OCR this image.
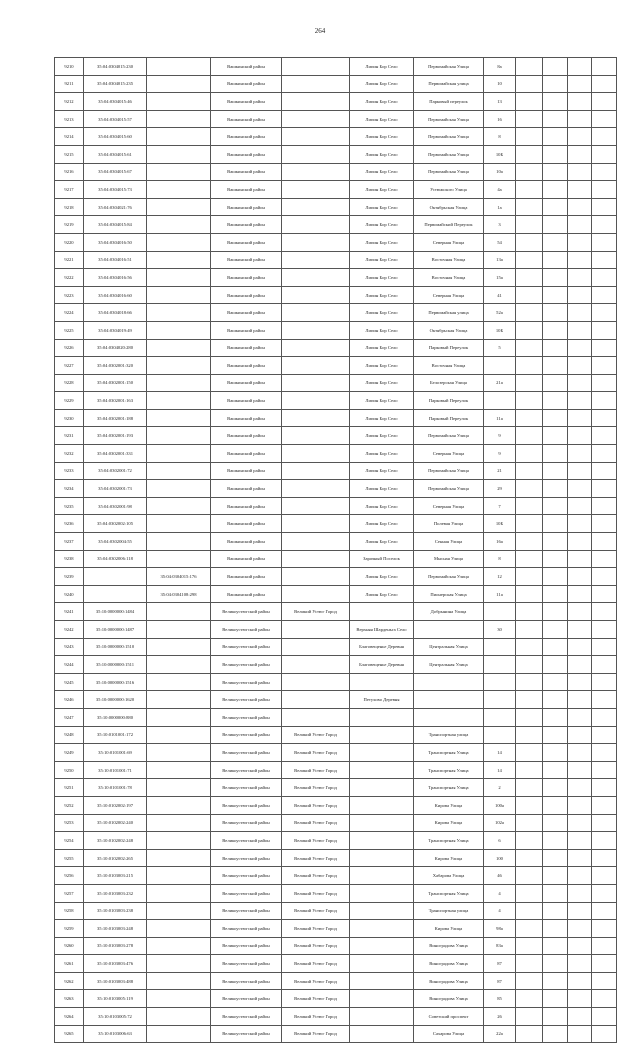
264
9210	35:04:0304015:230		Вашкинский район		Липин Бор Село	Первомайская Улица	8а				
9211	35:04:0304015:235		Вашкинский район		Липин Бор Село	Первомайская улица	10				
9212	35:04:0304015:46		Вашкинский район		Липин Бор Село	Парковый переулок	13				
9213	35:04:0304015:57		Вашкинский район		Липин Бор Село	Первомайская Улица	16				
9214	35:04:0304015:60		Вашкинский район		Липин Бор Село	Первомайская Улица	8				
9215	35:04:0304015:61		Вашкинский район		Липин Бор Село	Первомайская Улица	10Б				
9216	35:04:0304015:67		Вашкинский район		Липин Бор Село	Первомайская Улица	10а				
9217	35:04:0304015:73		Вашкинский район		Липин Бор Село	Устюжского Улица	4а				
9218	35:04:0304021:76		Вашкинский район		Липин Бор Село	Октябрьская Улица	1а				
9219	35:04:0304015:84		Вашкинский район		Липин Бор Село	Первомайский Переулок	3				
9220	35:04:0304016:50		Вашкинский район		Липин Бор Село	Северная Улица	54				
9221	35:04:0304016:51		Вашкинский район		Липин Бор Село	Восточная Улица	13а				
9222	35:04:0304016:56		Вашкинский район		Липин Бор Село	Восточная Улица	15а				
9223	35:04:0304016:60		Вашкинский район		Липин Бор Село	Северная Улица	41				
9224	35:04:0304018:66		Вашкинский район		Липин Бор Село	Первомайская улица	52а				
9225	35:04:0304019:49		Вашкинский район		Липин Бор Село	Октябрьская Улица	10Б				
9226	35:04:0304020:280		Вашкинский район		Липин Бор Село	Парковый Переулок	5				
9227	35:04:0302001:320		Вашкинский район		Липин Бор Село	Восточная Улица					
9228	35:04:0302001:150		Вашкинский район		Липин Бор Село	Белозерская Улица	21а				
9229	35:04:0302001:163		Вашкинский район		Липин Бор Село	Парковый Переулок					
9230	35:04:0302001:188		Вашкинский район		Липин Бор Село	Парковый Переулок	11а				
9231	35:04:0302001:193		Вашкинский район		Липин Бор Село	Первомайская Улица	9				
9232	35:04:0302001:331		Вашкинский район		Липин Бор Село	Северная Улица	9				
9233	35:04:0302001:72		Вашкинский район		Липин Бор Село	Первомайская Улица	21				
9234	35:04:0302001:73		Вашкинский район		Липин Бор Село	Первомайская Улица	29				
9235	35:04:0302001:98		Вашкинский район		Липин Бор Село	Северная Улица	7				
9236	35:04:0302002:105		Вашкинский район		Липин Бор Село	Полевая Улица	10Б				
9237	35:04:0302004:55		Вашкинский район		Липин Бор Село	Сенная Улица	16а				
9238	35:04:0302006:118		Вашкинский район		Зарачный Поселок	Мысная Улица	8				
9239		35:04:0304015:176	Вашкинский район		Липин Бор Село	Первомайская Улица	12				
9240		35:04:0304108:298	Вашкинский район		Липин Бор Село	Пионерская Улица	11а				
9241	35:10:0000000:1484		Великоустюгский район	Великий Устюг Город		Добрынина Улица					
9242	35:10:0000000:1487		Великоустюгский район		Верхняя Шарденьга Село		30				
9243	35:10:0000000:1510		Великоустюгский район		Благовещенье Деревня	Центральная Улица					
9244	35:10:0000000:1511		Великоустюгский район		Благовещенье Деревня	Центральная Улица					
9245	35:10:0000000:1516		Великоустюгский район								
9246	35:10:0000000:1620		Великоустюгский район		Петухово Деревня						
9247	35:10:0000000:880		Великоустюгский район								
9248	35:10:0101001:172		Великоустюгский район	Великий Устюг Город		Транспортная улица					
9249	35:10:0101001:69		Великоустюгский район	Великий Устюг Город		Транспортная Улица	14				
9250	35:10:0101001:71		Великоустюгский район	Великий Устюг Город		Транспортная Улица	14				
9251	35:10:0101001:78		Великоустюгский район	Великий Устюг Город		Транспортная Улица	2				
9252	35:10:0102002:197		Великоустюгский район	Великий Устюг Город		Кирова Улица	100а				
9253	35:10:0102002:240		Великоустюгский район	Великий Устюг Город		Кирова Улица	102а				
9254	35:10:0102002:248		Великоустюгский район	Великий Устюг Город		Транспортная Улица	6				
9255	35:10:0102002:265		Великоустюгский район	Великий Устюг Город		Кирова Улица	100				
9256	35:10:0103003:215		Великоустюгский район	Великий Устюг Город		Хабарова Улица	46				
9257	35:10:0103003:232		Великоустюгский район	Великий Устюг Город		Транспортная Улица	4				
9258	35:10:0103003:238		Великоустюгский район	Великий Устюг Город		Транспортная улица	4				
9259	35:10:0103003:248		Великоустюгский район	Великий Устюг Город		Кирова Улица	98а				
9260	35:10:0103003:278		Великоустюгский район	Великий Устюг Город		Виноградова Улица	83а				
9261	35:10:0103003:476		Великоустюгский район	Великий Устюг Город		Виноградова Улица	87				
9262	35:10:0103003:488		Великоустюгский район	Великий Устюг Город		Виноградова Улица	87				
9263	35:10:0103005:119		Великоустюгский район	Великий Устюг Город		Виноградова Улица	85				
9264	35:10:0103005:72		Великоустюгский район	Великий Устюг Город		Советский проспект	26				
9265	35:10:0103006:63		Великоустюгский район	Великий Устюг Город		Сахарова Улица	22а				
